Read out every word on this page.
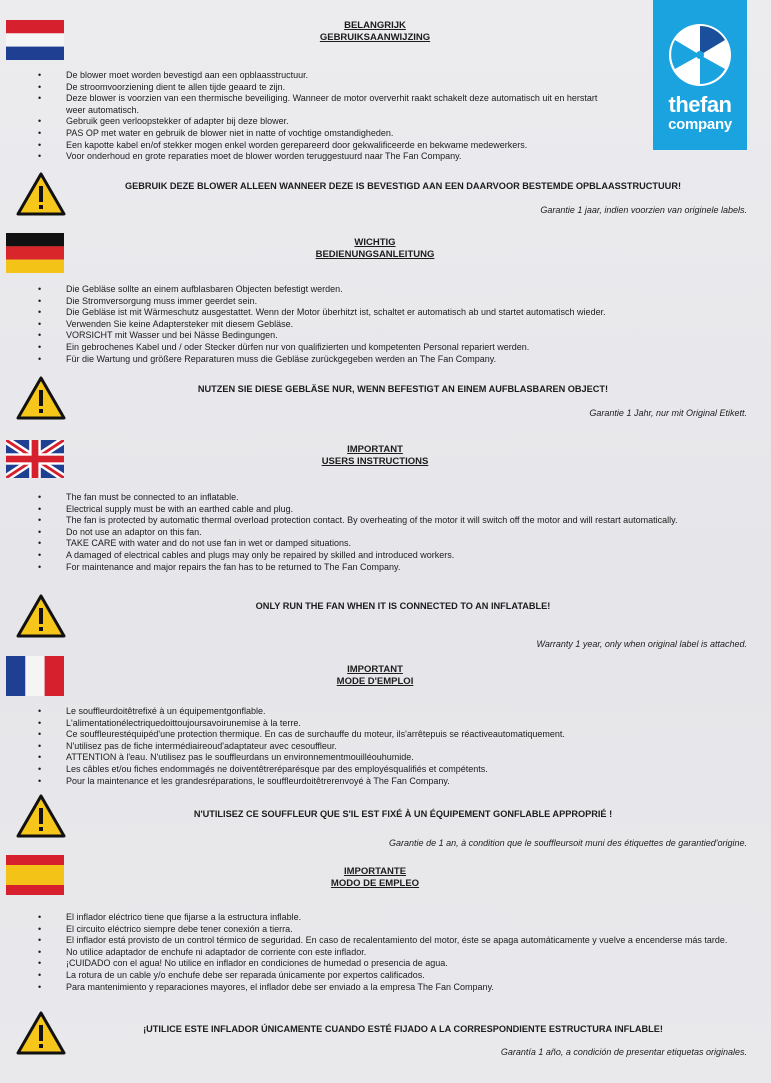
thefan
company
BELANGRIJK
GEBRUIKSAANWIJZING
• De blower moet worden bevestigd aan een opblaasstructuur.
• De stroomvoorziening dient te allen tijde geaard te zijn.
• Deze blower is voorzien van een thermische beveiliging. Wanneer de motor oververhit raakt schakelt deze automatisch uit en herstart weer automatisch.
• Gebruik geen verloopstekker of adapter bij deze blower.
• PAS OP met water en gebruik de blower niet in natte of vochtige omstandigheden.
• Een kapotte kabel en/of stekker mogen enkel worden gerepareerd door gekwalificeerde en bekwame medewerkers.
• Voor onderhoud en grote reparaties moet de blower worden teruggestuurd naar The Fan Company.
GEBRUIK DEZE BLOWER ALLEEN WANNEER DEZE IS BEVESTIGD AAN EEN DAARVOOR BESTEMDE OPBLAASSTRUCTUUR!
Garantie 1 jaar, indien voorzien van originele labels.
WICHTIG
BEDIENUNGSANLEITUNG
• Die Gebläse sollte an einem aufblasbaren Objecten befestigt werden.
• Die Stromversorgung muss immer geerdet sein.
• Die Gebläse ist mit Wärmeschutz ausgestattet. Wenn der Motor überhitzt ist, schaltet er automatisch ab und startet automatisch wieder.
• Verwenden Sie keine Adaptersteker mit diesem Gebläse.
• VORSICHT mit Wasser und bei Nässe Bedingungen.
• Ein gebrochenes Kabel und / oder Stecker dürfen nur von qualifizierten und kompetenten Personal repariert werden.
• Für die Wartung und größere Reparaturen muss die Gebläse zurückgegeben werden an The Fan Company.
NUTZEN SIE DIESE GEBLÄSE NUR, WENN BEFESTIGT AN EINEM AUFBLASBAREN OBJECT!
Garantie 1 Jahr, nur mit Original Etikett.
IMPORTANT
USERS INSTRUCTIONS
• The fan must be connected to an inflatable.
• Electrical supply must be with an earthed cable and plug.
• The fan is protected by automatic thermal overload protection contact. By overheating of the motor it will switch off the motor and will restart automatically.
• Do not use an adaptor on this fan.
• TAKE CARE with water and do not use fan in wet or damped situations.
• A damaged of electrical cables and plugs may only be repaired by skilled and introduced workers.
• For maintenance and major repairs the fan has to be returned to The Fan Company.
ONLY RUN THE FAN WHEN IT IS CONNECTED TO AN INFLATABLE!
Warranty 1 year, only when original label is attached.
IMPORTANT
MODE D'EMPLOI
• Le souffleurdoitêtrefixé à un équipementgonflable.
• L'alimentationélectriquedoittoujoursavoirunemise à la terre.
• Ce souffleurestéquipéd'une protection thermique. En cas de surchauffe du moteur, ils'arrêtepuis se réactiveautomatiquement.
• N'utilisez pas de fiche intermédiaireoud'adaptateur avec cesouffleur.
• ATTENTION à l'eau. N'utilisez pas le souffleurdans un environnementmouilléouhumide.
• Les câbles et/ou fiches endommagés ne doiventêtreréparésque par des employésqualifiés et compétents.
• Pour la maintenance et les grandesréparations, le souffleurdoitêtrerenvoyé à The Fan Company.
N'UTILISEZ CE SOUFFLEUR QUE S'IL EST FIXÉ À UN ÉQUIPEMENT GONFLABLE APPROPRIÉ !
Garantie de 1 an, à condition que le souffleursoit muni des étiquettes de garantied'origine.
IMPORTANTE
MODO DE EMPLEO
• El inflador eléctrico tiene que fijarse a la estructura inflable.
• El circuito eléctrico siempre debe tener conexión a tierra.
• El inflador está provisto de un control térmico de seguridad. En caso de recalentamiento del motor, éste se apaga automáticamente y vuelve a encenderse más tarde.
• No utilice adaptador de enchufe ni adaptador de corriente con este inflador.
• ¡CUIDADO con el agua! No utilice en inflador en condiciones de humedad o presencia de agua.
• La rotura de un cable y/o enchufe debe ser reparada únicamente por expertos calificados.
• Para mantenimiento y reparaciones mayores, el inflador debe ser enviado a la empresa The Fan Company.
¡UTILICE ESTE INFLADOR ÚNICAMENTE CUANDO ESTÉ FIJADO A LA CORRESPONDIENTE ESTRUCTURA INFLABLE!
Garantía 1 año, a condición de presentar etiquetas originales.
